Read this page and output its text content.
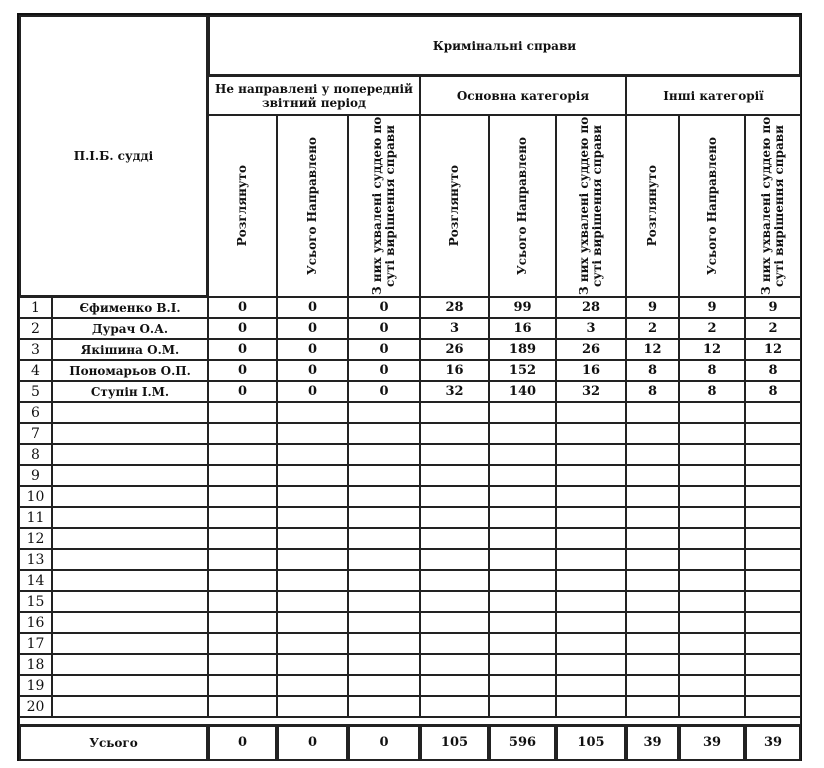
П.І.Б. судді
Кримінальні справи
Не направлені у попередній звітний період	Основна категорія	Інші категорії
Розглянуто	Усього Направлено	З них ухвалені суддею по суті вирішення справи	Розглянуто	Усього Направлено	З них ухвалені суддею по суті вирішення справи	Розглянуто	Усього Направлено	З них ухвалені суддею по суті вирішення справи
1	Єфименко В.І.	0	0	0	28	99	28	9	9	9
2	Дурач О.А.	0	0	0	3	16	3	2	2	2
3	Якішина О.М.	0	0	0	26	189	26	12	12	12
4 Пономарьов О.П.	0	0	0	16	152	16	8	8	8
5	Ступін І.М.	0	0	0	32	140	32	8	8	8
6
7
8
9
10
11
12
13
14
15
16
17
18
19
20
Усього	0	0	0	105	596	105	39	39	39
